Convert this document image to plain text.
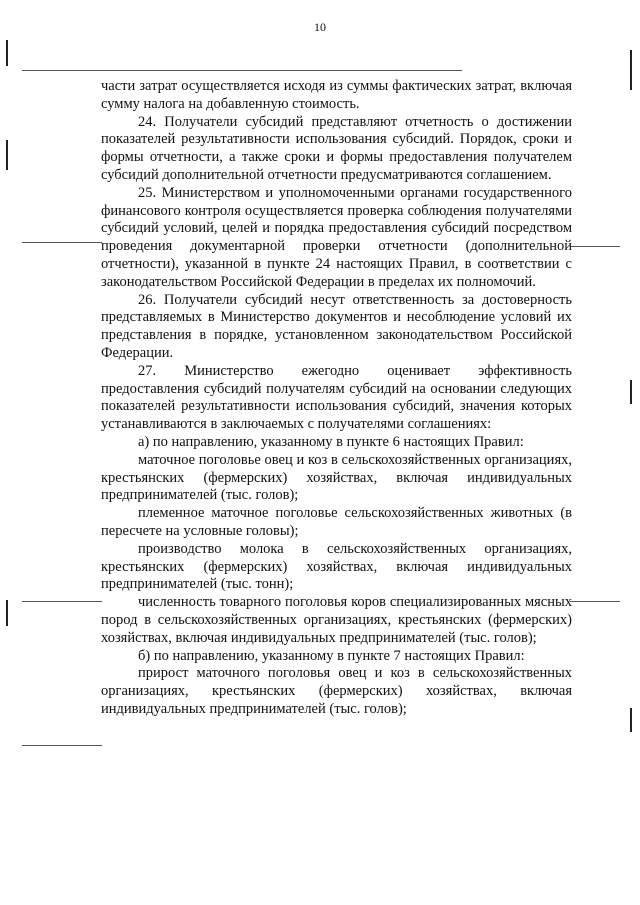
10

части затрат осуществляется исходя из суммы фактических затрат, включая сумму налога на добавленную стоимость.

24. Получатели субсидий представляют отчетность о достижении показателей результативности использования субсидий. Порядок, сроки и формы отчетности, а также сроки и формы предоставления получателем субсидий дополнительной отчетности предусматриваются соглашением.

25. Министерством и уполномоченными органами государственного финансового контроля осуществляется проверка соблюдения получателями субсидий условий, целей и порядка предоставления субсидий посредством проведения документарной проверки отчетности (дополнительной отчетности), указанной в пункте 24 настоящих Правил, в соответствии с законодательством Российской Федерации в пределах их полномочий.

26. Получатели субсидий несут ответственность за достоверность представляемых в Министерство документов и несоблюдение условий их представления в порядке, установленном законодательством Российской Федерации.

27. Министерство ежегодно оценивает эффективность предоставления субсидий получателям субсидий на основании следующих показателей результативности использования субсидий, значения которых устанавливаются в заключаемых с получателями соглашениях:

а) по направлению, указанному в пункте 6 настоящих Правил:

маточное поголовье овец и коз в сельскохозяйственных организациях, крестьянских (фермерских) хозяйствах, включая индивидуальных предпринимателей (тыс. голов);

племенное маточное поголовье сельскохозяйственных животных (в пересчете на условные головы);

производство молока в сельскохозяйственных организациях, крестьянских (фермерских) хозяйствах, включая индивидуальных предпринимателей (тыс. тонн);

численность товарного поголовья коров специализированных мясных пород в сельскохозяйственных организациях, крестьянских (фермерских) хозяйствах, включая индивидуальных предпринимателей (тыс. голов);

б) по направлению, указанному в пункте 7 настоящих Правил:

прирост маточного поголовья овец и коз в сельскохозяйственных организациях, крестьянских (фермерских) хозяйствах, включая индивидуальных предпринимателей (тыс. голов);
